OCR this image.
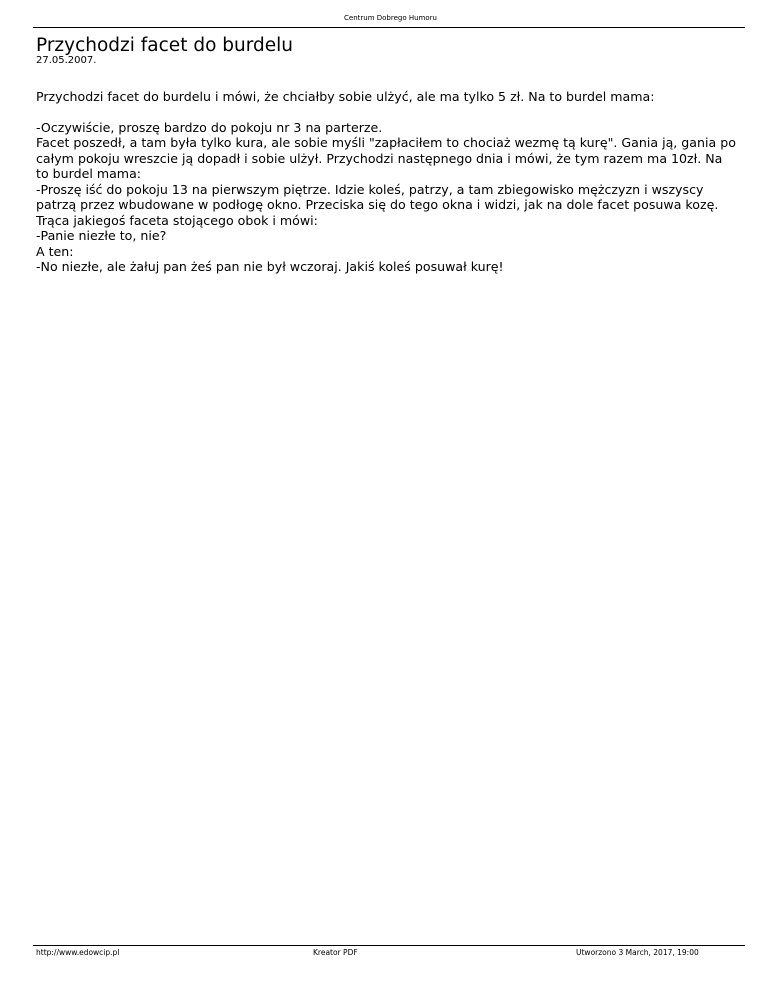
Centrum Dobrego Humoru
Przychodzi facet do burdelu
27.05.2007.

Przychodzi facet do burdelu i mówi, że chciałby sobie ulżyć, ale ma tylko 5 zł. Na to burdel mama:

-Oczywiście, proszę bardzo do pokoju nr 3 na parterze.
Facet poszedł, a tam była tylko kura, ale sobie myśli "zapłaciłem to chociaż wezmę tą kurę". Gania ją, gania po całym pokoju wreszcie ją dopadł i sobie ulżył. Przychodzi następnego dnia i mówi, że tym razem ma 10zł. Na to burdel mama:
-Proszę iść do pokoju 13 na pierwszym piętrze. Idzie koleś, patrzy, a tam zbiegowisko mężczyzn i wszyscy patrzą przez wbudowane w podłogę okno. Przeciska się do tego okna i widzi, jak na dole facet posuwa kozę. Trąca jakiegoś faceta stojącego obok i mówi:
-Panie niezłe to, nie?
A ten:
-No niezłe, ale żałuj pan żeś pan nie był wczoraj. Jakiś koleś posuwał kurę!

http://www.edowcip.pl	Kreator PDF	Utworzono 3 March, 2017, 19:00
